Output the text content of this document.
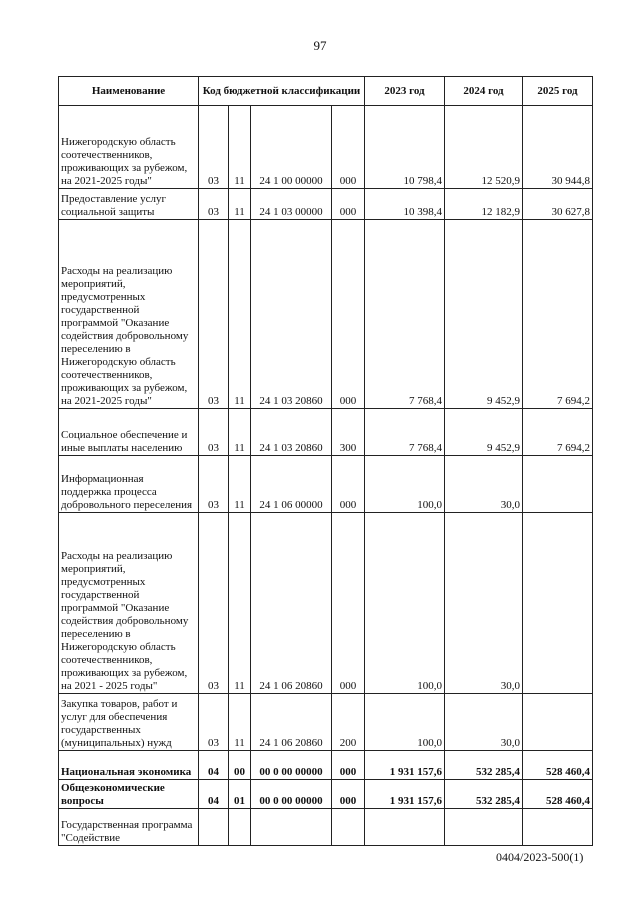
97
Наименование	Код бюджетной классификации				2023 год	2024 год	2025 год
Нижегородскую область соотечественников, проживающих за рубежом, на 2021-2025 годы"	03	11	24 1 00 00000	000	10 798,4	12 520,9	30 944,8
Предоставление услуг социальной защиты	03	11	24 1 03 00000	000	10 398,4	12 182,9	30 627,8
Расходы на реализацию мероприятий, предусмотренных государственной программой "Оказание содействия добровольному переселению в Нижегородскую область соотечественников, проживающих за рубежом, на 2021-2025 годы"	03	11	24 1 03 20860	000	7 768,4	9 452,9	7 694,2
Социальное обеспечение и иные выплаты населению	03	11	24 1 03 20860	300	7 768,4	9 452,9	7 694,2
Информационная поддержка процесса добровольного переселения	03	11	24 1 06 00000	000	100,0	30,0	
Расходы на реализацию мероприятий, предусмотренных государственной программой "Оказание содействия добровольному переселению в Нижегородскую область соотечественников, проживающих за рубежом, на 2021 - 2025 годы"	03	11	24 1 06 20860	000	100,0	30,0	
Закупка товаров, работ и услуг для обеспечения государственных (муниципальных) нужд	03	11	24 1 06 20860	200	100,0	30,0	
Национальная экономика	04	00	00 0 00 00000	000	1 931 157,6	532 285,4	528 460,4
Общеэкономические вопросы	04	01	00 0 00 00000	000	1 931 157,6	532 285,4	528 460,4
Государственная программа "Содействие							
0404/2023-500(1)
